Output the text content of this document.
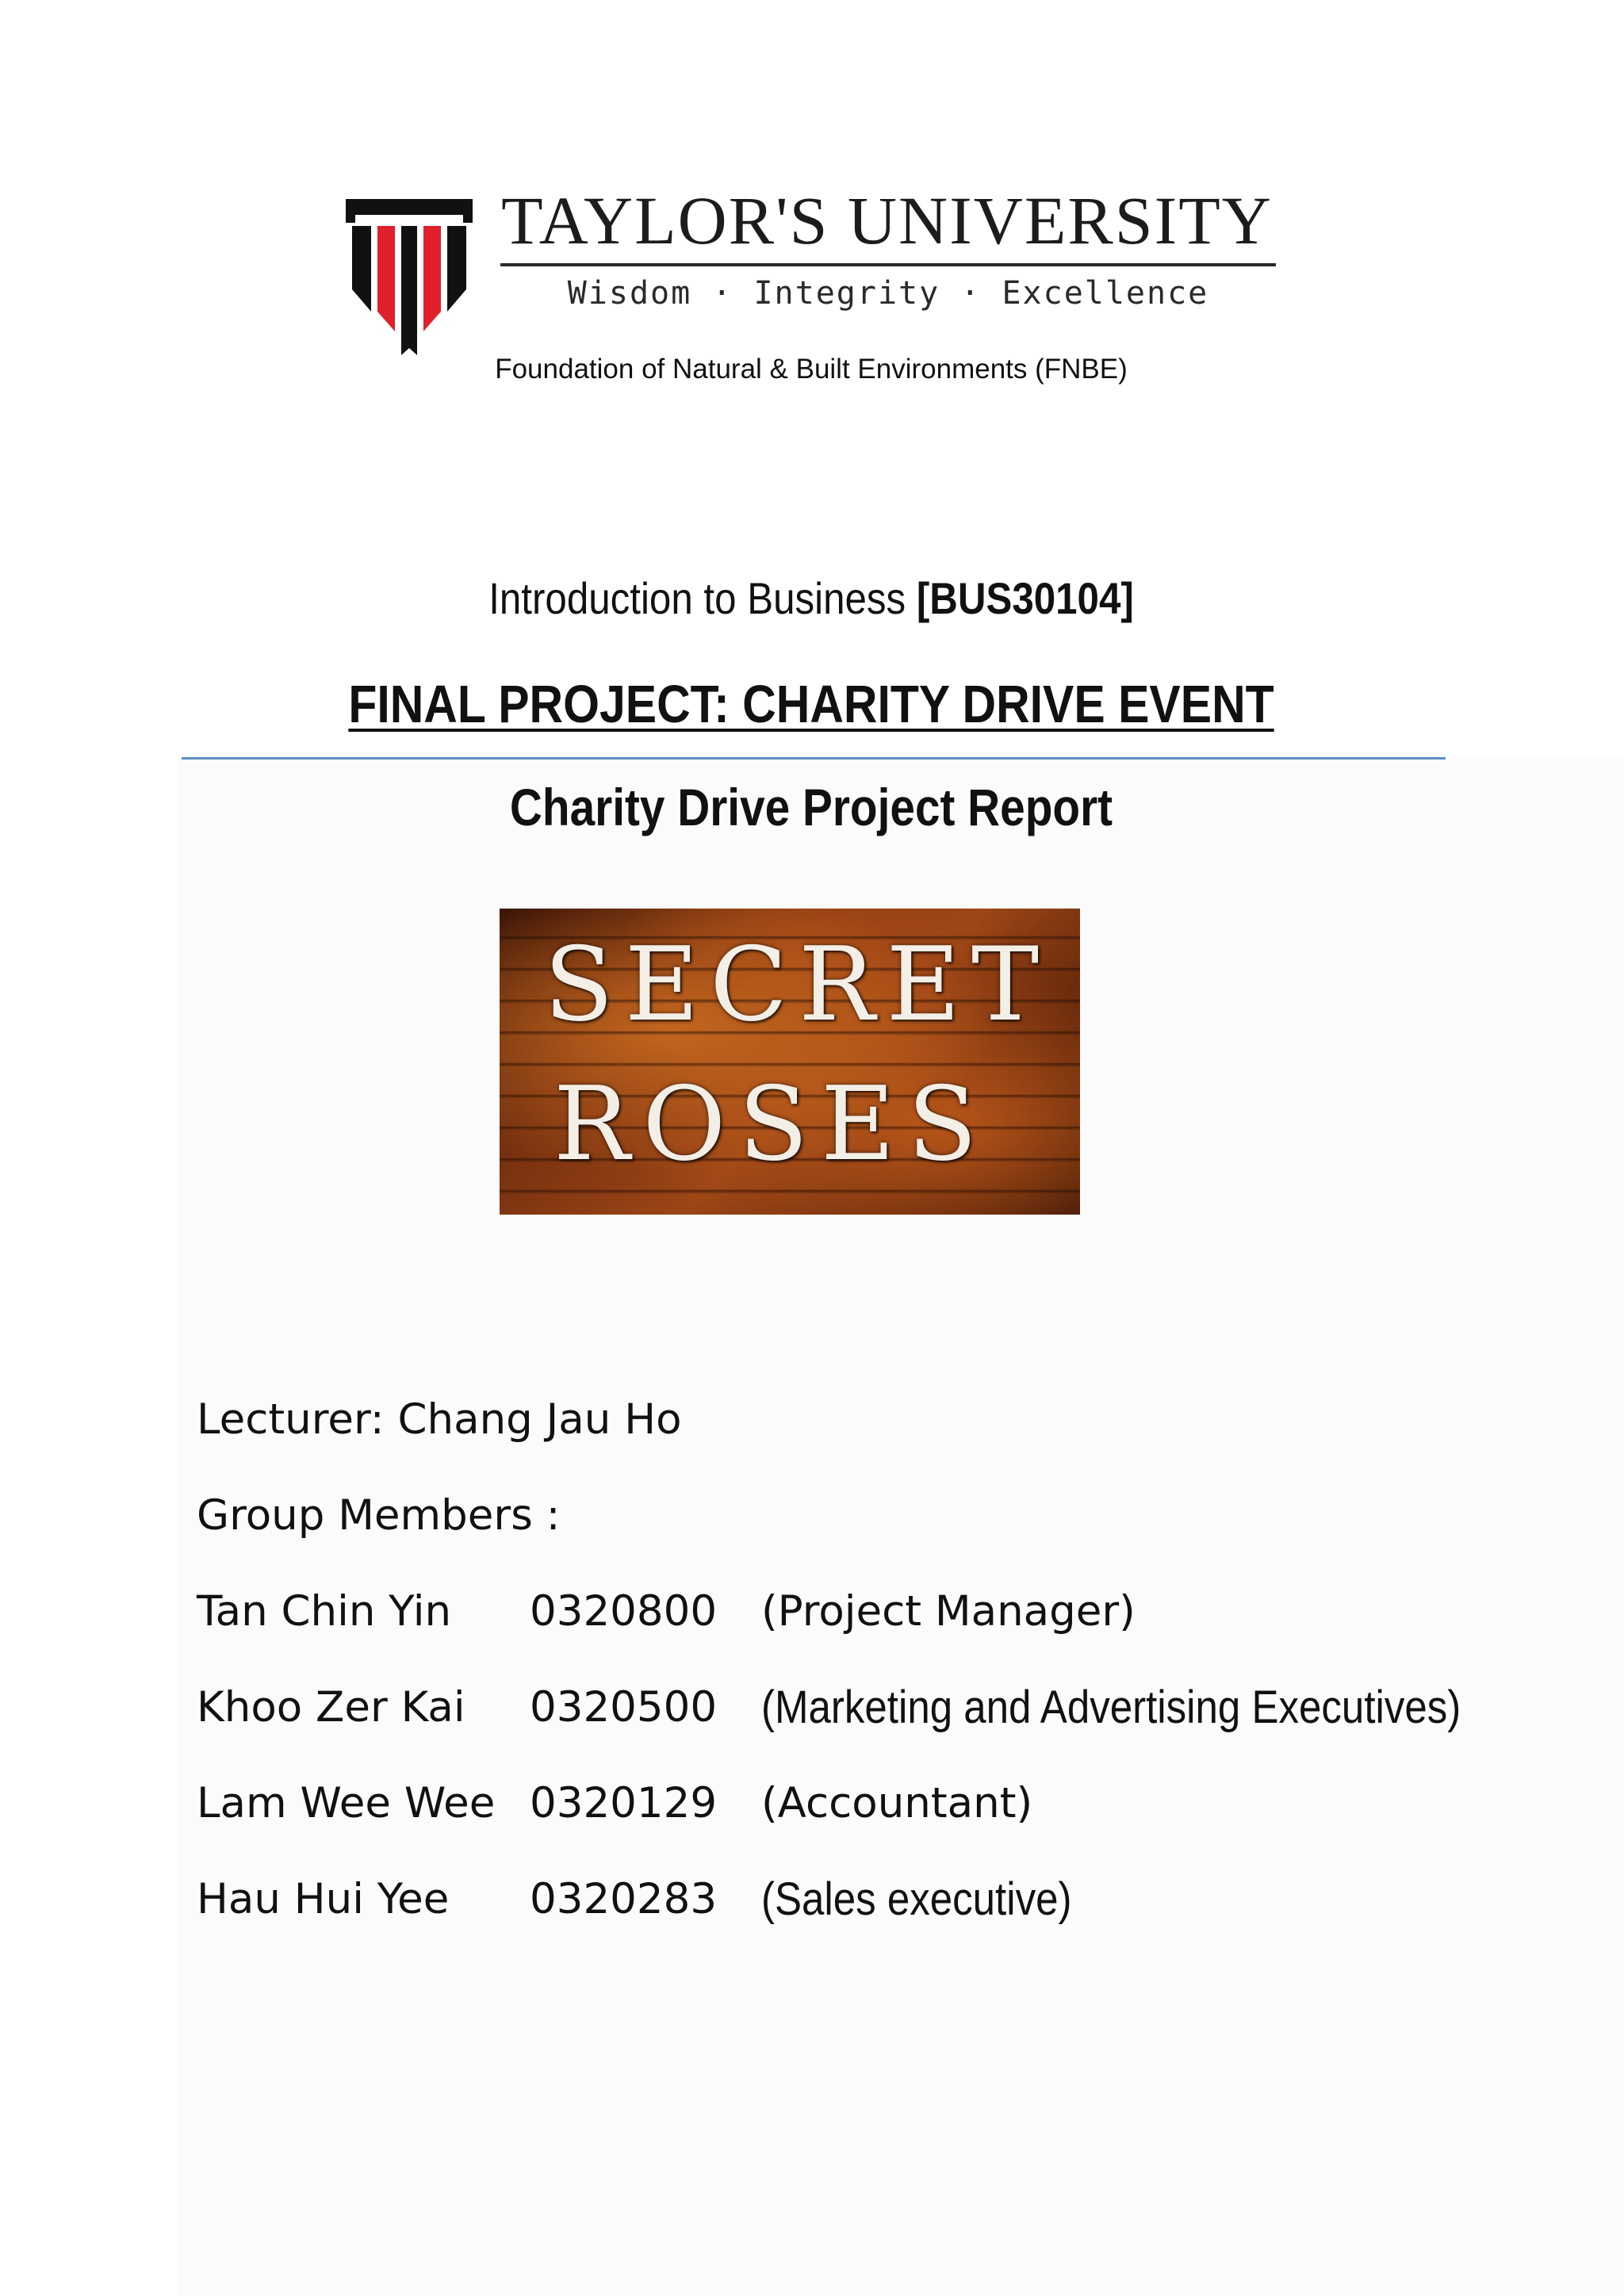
TAYLOR'S UNIVERSITY
Wisdom · Integrity · Excellence
Foundation of Natural & Built Environments (FNBE)
Introduction to Business [BUS30104]
FINAL PROJECT: CHARITY DRIVE EVENT
Charity Drive Project Report
SECRET
ROSES
Lecturer: Chang Jau Ho
Group Members :
Tan Chin Yin 0320800 (Project Manager)
Khoo Zer Kai 0320500 (Marketing and Advertising Executives)
Lam Wee Wee 0320129 (Accountant)
Hau Hui Yee 0320283 (Sales executive)
